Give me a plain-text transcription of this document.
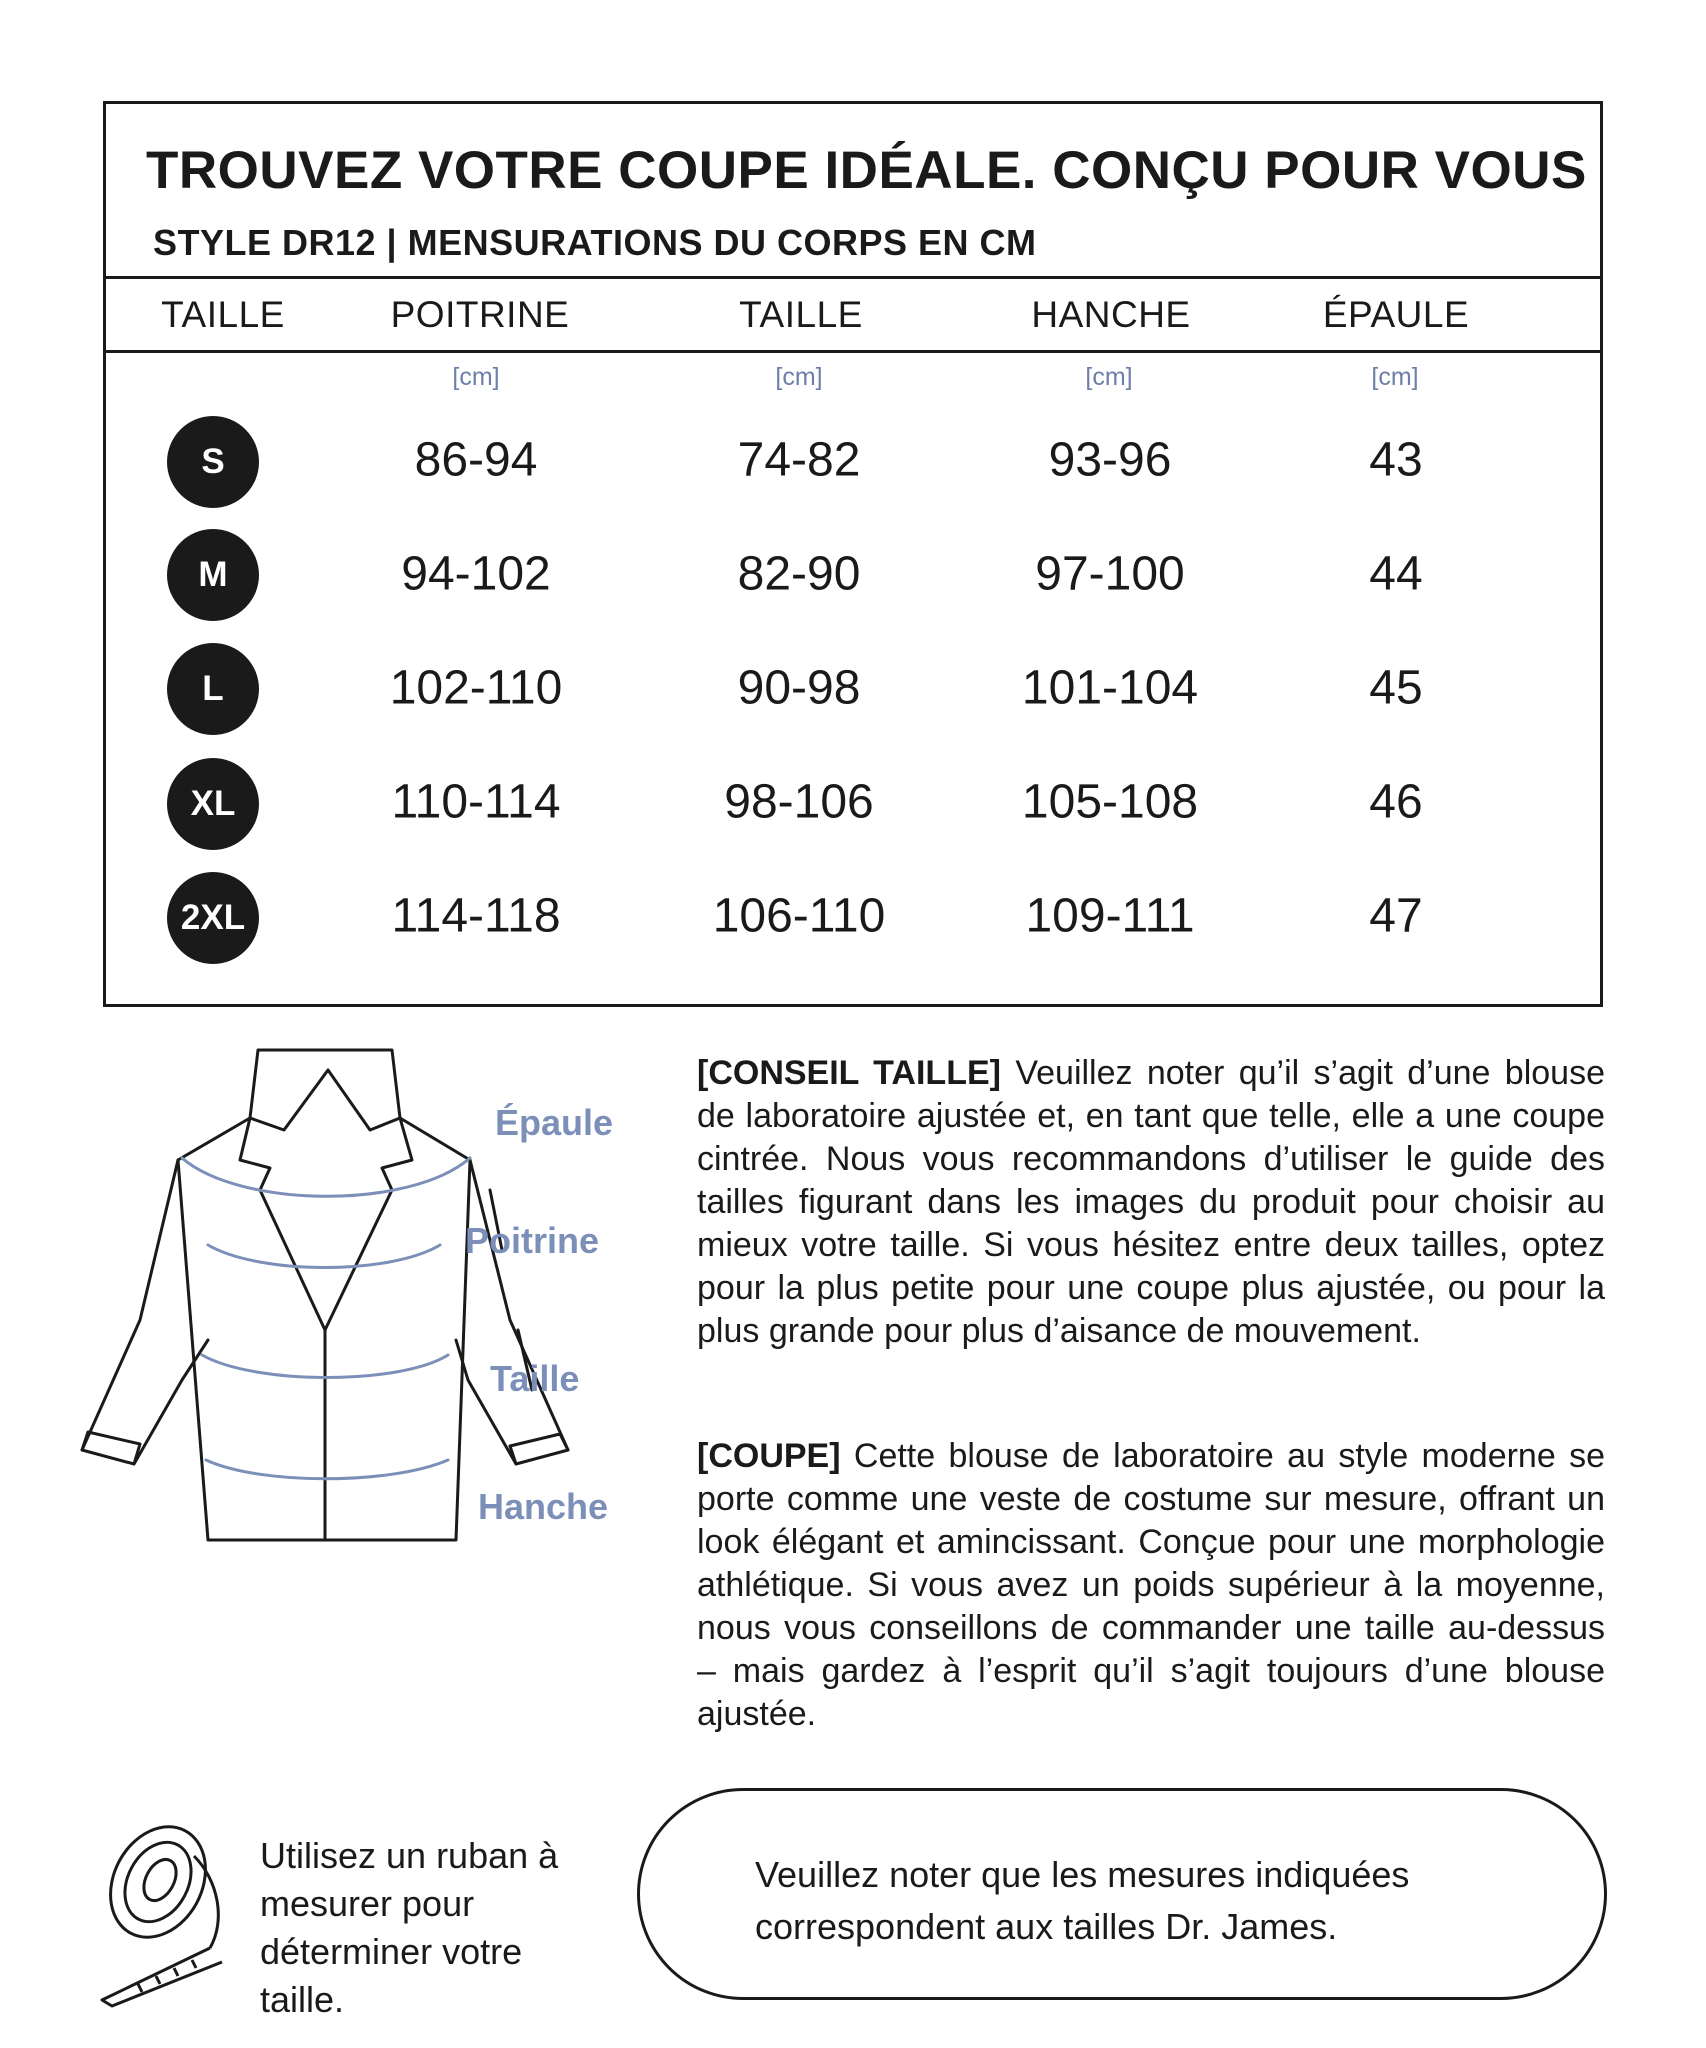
TROUVEZ VOTRE COUPE IDÉALE. CONÇU POUR VOUS
STYLE DR12 | MENSURATIONS DU CORPS EN CM
TAILLE	POITRINE	TAILLE	HANCHE	ÉPAULE
[cm]	[cm]	[cm]	[cm]
S	86-94	74-82	93-96	43
M	94-102	82-90	97-100	44
L	102-110	90-98	101-104	45
XL	110-114	98-106	105-108	46
2XL	114-118	106-110	109-111	47
Épaule
Poitrine
Taille
Hanche
[CONSEIL TAILLE] Veuillez noter qu’il s’agit d’une blouse de laboratoire ajustée et, en tant que telle, elle a une coupe cintrée. Nous vous recommandons d’utiliser le guide des tailles figurant dans les images du produit pour choisir au mieux votre taille. Si vous hésitez entre deux tailles, optez pour la plus petite pour une coupe plus ajustée, ou pour la plus grande pour plus d’aisance de mouvement.
[COUPE] Cette blouse de laboratoire au style moderne se porte comme une veste de costume sur mesure, offrant un look élégant et amincissant. Conçue pour une morphologie athlétique. Si vous avez un poids supérieur à la moyenne, nous vous conseillons de commander une taille au-dessus – mais gardez à l’esprit qu’il s’agit toujours d’une blouse ajustée.
Utilisez un ruban à mesurer pour déterminer votre taille.
Veuillez noter que les mesures indiquées correspondent aux tailles Dr. James.
